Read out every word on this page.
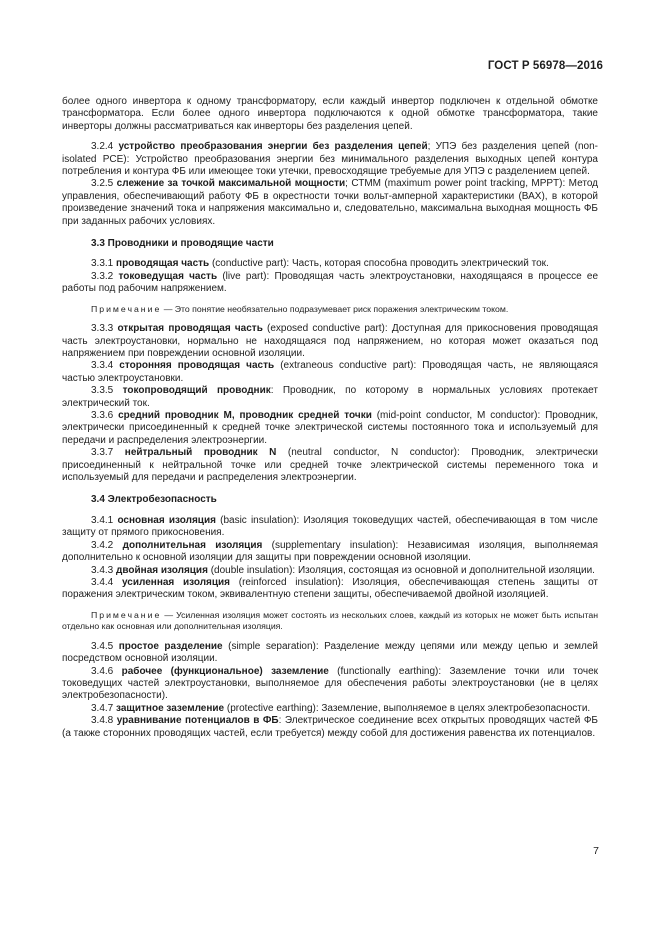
ГОСТ Р 56978—2016

более одного инвертора к одному трансформатору, если каждый инвертор подключен к отдельной обмотке трансформатора. Если более одного инвертора подключаются к одной обмотке трансформатора, такие инверторы должны рассматриваться как инверторы без разделения цепей.

3.2.4 устройство преобразования энергии без разделения цепей; УПЭ без разделения цепей (non-isolated PCE): Устройство преобразования энергии без минимального разделения выходных цепей контура потребления и контура ФБ или имеющее токи утечки, превосходящие требуемые для УПЭ с разделением цепей.

3.2.5 слежение за точкой максимальной мощности; СТММ (maximum power point tracking, MPPT): Метод управления, обеспечивающий работу ФБ в окрестности точки вольт-амперной характеристики (ВАХ), в которой произведение значений тока и напряжения максимально и, следовательно, максимальна выходная мощность ФБ при заданных рабочих условиях.

3.3 Проводники и проводящие части

3.3.1 проводящая часть (conductive part): Часть, которая способна проводить электрический ток.

3.3.2 токоведущая часть (live part): Проводящая часть электроустановки, находящаяся в процессе ее работы под рабочим напряжением.

Примечание — Это понятие необязательно подразумевает риск поражения электрическим током.

3.3.3 открытая проводящая часть (exposed conductive part): Доступная для прикосновения проводящая часть электроустановки, нормально не находящаяся под напряжением, но которая может оказаться под напряжением при повреждении основной изоляции.

3.3.4 сторонняя проводящая часть (extraneous conductive part): Проводящая часть, не являющаяся частью электроустановки.

3.3.5 токопроводящий проводник: Проводник, по которому в нормальных условиях протекает электрический ток.

3.3.6 средний проводник М, проводник средней точки (mid-point conductor, M conductor): Проводник, электрически присоединенный к средней точке электрической системы постоянного тока и используемый для передачи и распределения электроэнергии.

3.3.7 нейтральный проводник N (neutral conductor, N conductor): Проводник, электрически присоединенный к нейтральной точке или средней точке электрической системы переменного тока и используемый для передачи и распределения электроэнергии.

3.4 Электробезопасность

3.4.1 основная изоляция (basic insulation): Изоляция токоведущих частей, обеспечивающая в том числе защиту от прямого прикосновения.

3.4.2 дополнительная изоляция (supplementary insulation): Независимая изоляция, выполняемая дополнительно к основной изоляции для защиты при повреждении основной изоляции.

3.4.3 двойная изоляция (double insulation): Изоляция, состоящая из основной и дополнительной изоляции.

3.4.4 усиленная изоляция (reinforced insulation): Изоляция, обеспечивающая степень защиты от поражения электрическим током, эквивалентную степени защиты, обеспечиваемой двойной изоляцией.

Примечание — Усиленная изоляция может состоять из нескольких слоев, каждый из которых не может быть испытан отдельно как основная или дополнительная изоляция.

3.4.5 простое разделение (simple separation): Разделение между цепями или между цепью и землей посредством основной изоляции.

3.4.6 рабочее (функциональное) заземление (functionally earthing): Заземление точки или точек токоведущих частей электроустановки, выполняемое для обеспечения работы электроустановки (не в целях электробезопасности).

3.4.7 защитное заземление (protective earthing): Заземление, выполняемое в целях электробезопасности.

3.4.8 уравнивание потенциалов в ФБ: Электрическое соединение всех открытых проводящих частей ФБ (а также сторонних проводящих частей, если требуется) между собой для достижения равенства их потенциалов.

7
